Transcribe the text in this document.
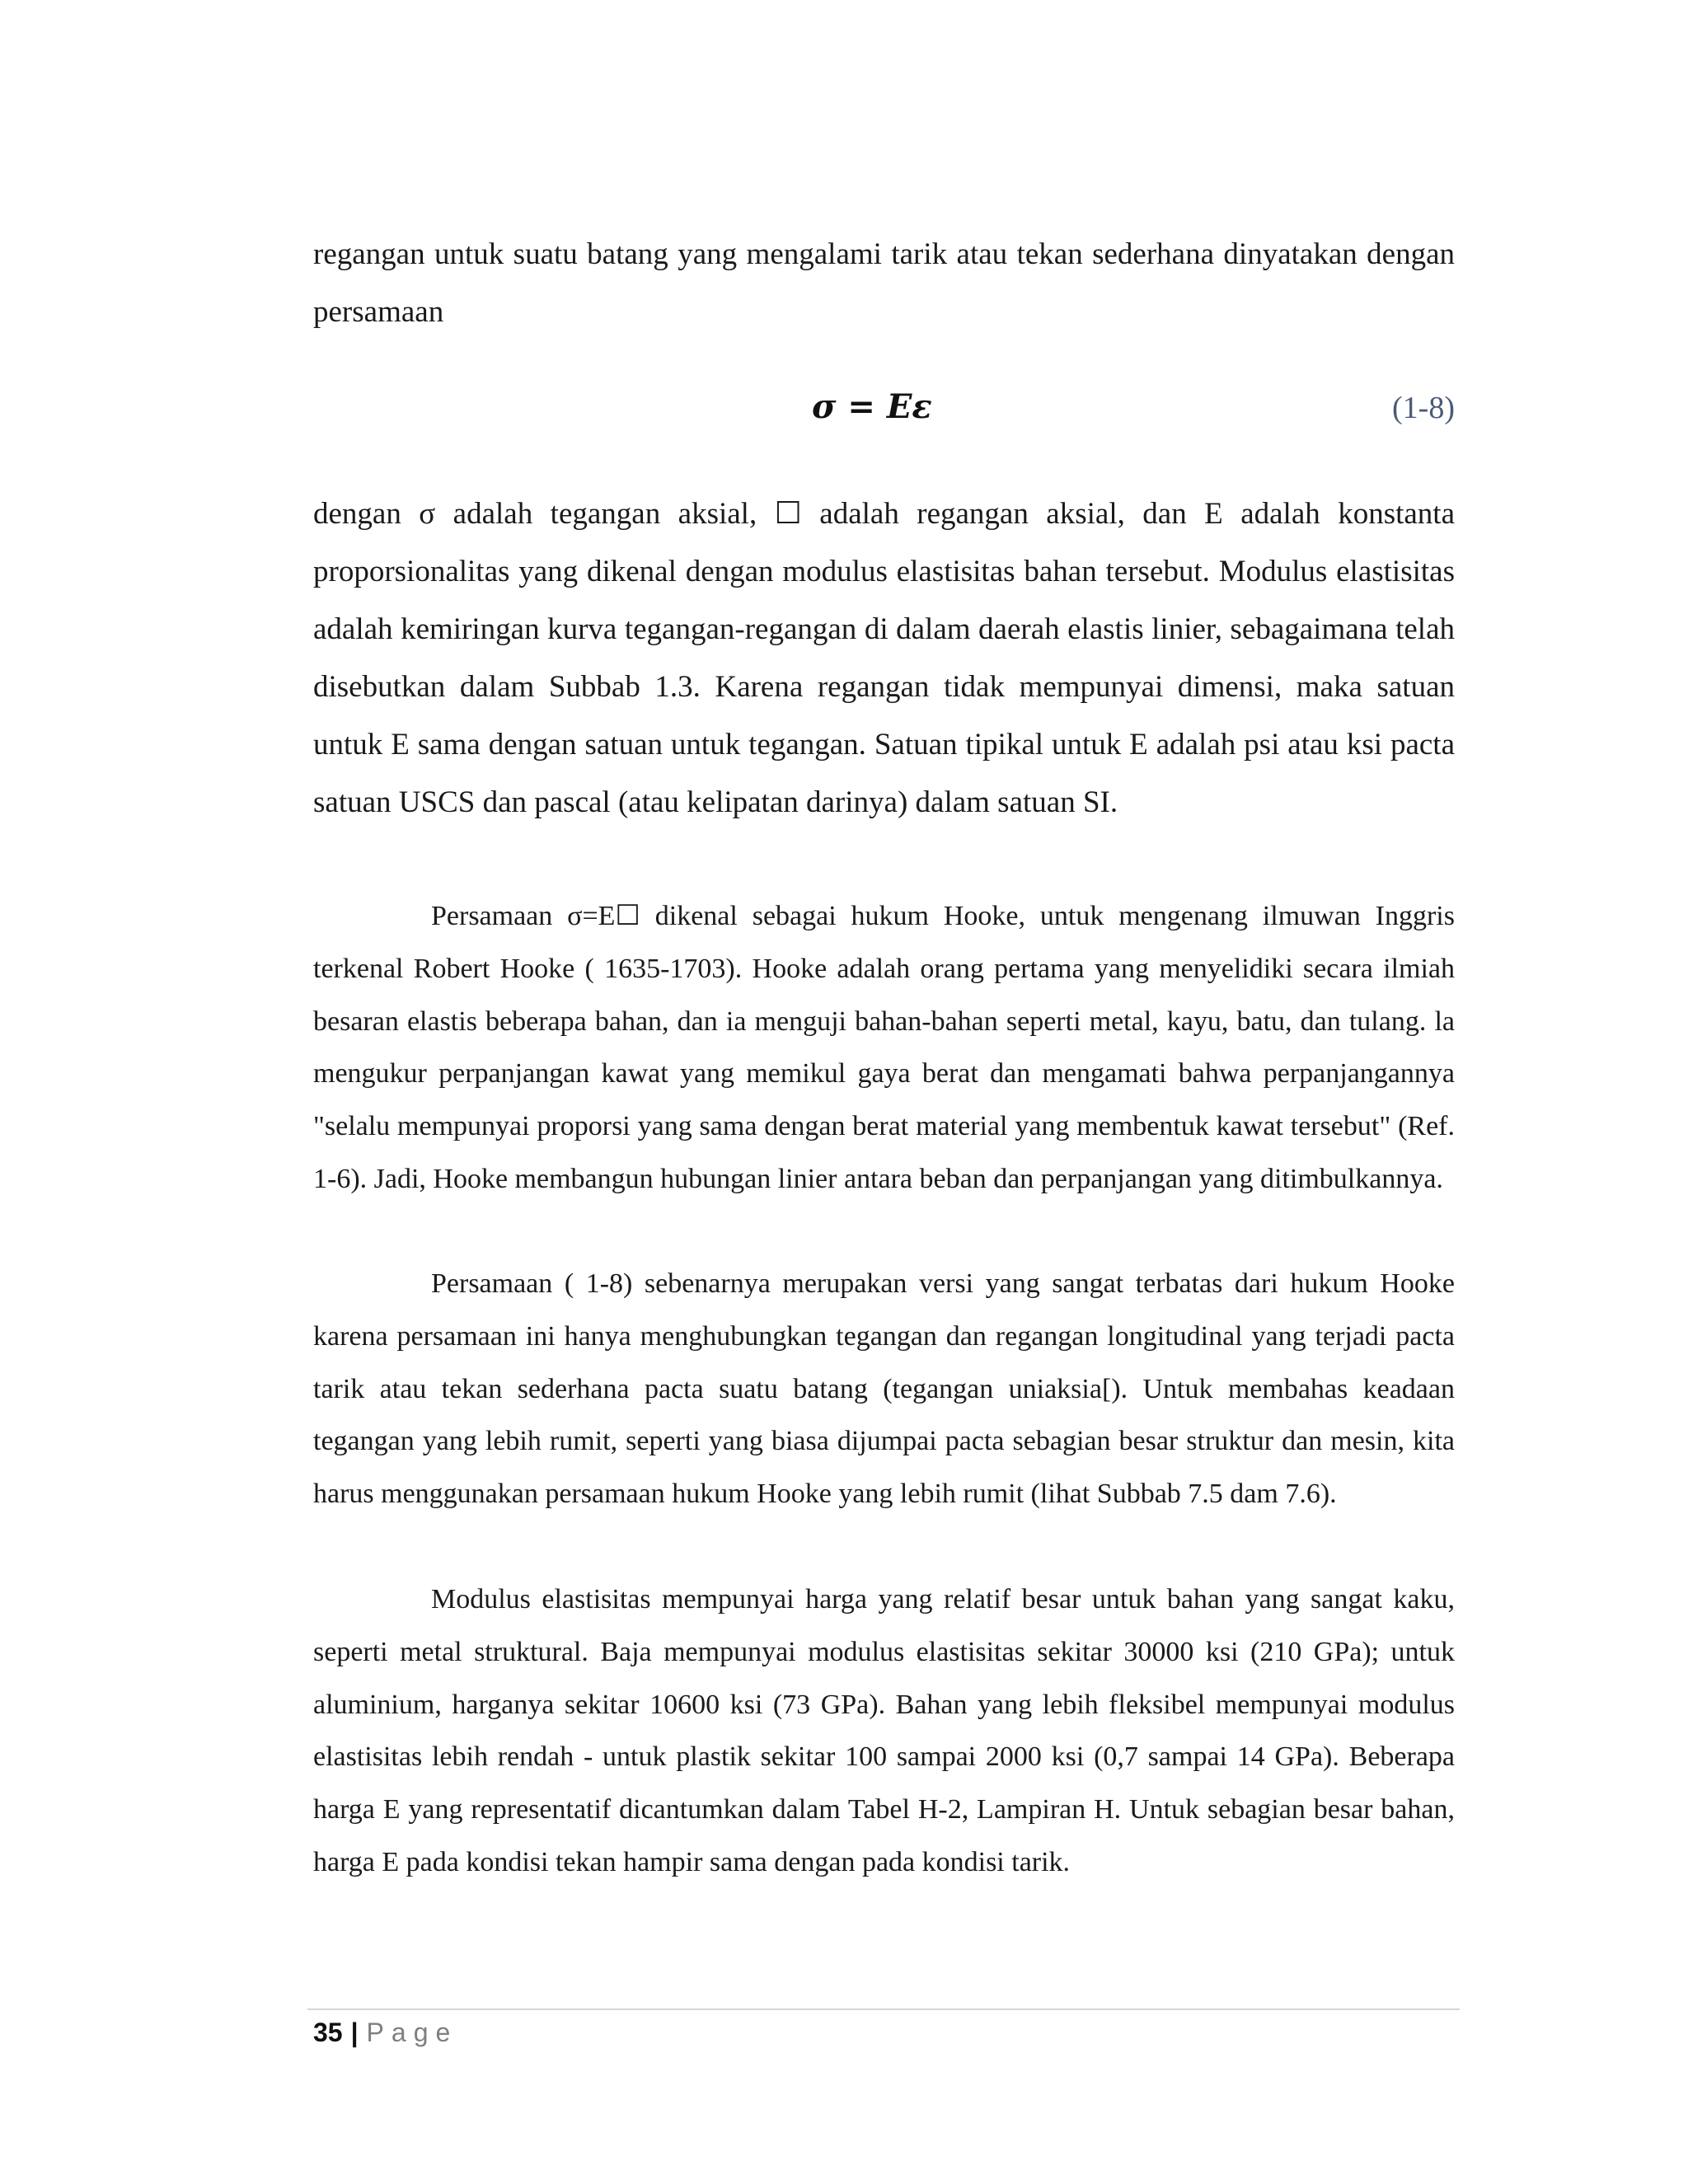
regangan untuk suatu batang yang mengalami tarik atau tekan sederhana dinyatakan dengan persamaan

σ = Eε	(1-8)

dengan σ adalah tegangan aksial, ☐ adalah regangan aksial, dan E adalah konstanta proporsionalitas yang dikenal dengan modulus elastisitas bahan tersebut. Modulus elastisitas adalah kemiringan kurva tegangan-regangan di dalam daerah elastis linier, sebagaimana telah disebutkan dalam Subbab 1.3. Karena regangan tidak mempunyai dimensi, maka satuan untuk E sama dengan satuan untuk tegangan. Satuan tipikal untuk E adalah psi atau ksi pacta satuan USCS dan pascal (atau kelipatan darinya) dalam satuan SI.

Persamaan σ=E☐ dikenal sebagai hukum Hooke, untuk mengenang ilmuwan Inggris terkenal Robert Hooke ( 1635-1703). Hooke adalah orang pertama yang menyelidiki secara ilmiah besaran elastis beberapa bahan, dan ia menguji bahan-bahan seperti metal, kayu, batu, dan tulang. la mengukur perpanjangan kawat yang memikul gaya berat dan mengamati bahwa perpanjangannya "selalu mempunyai proporsi yang sama dengan berat material yang membentuk kawat tersebut" (Ref. 1-6). Jadi, Hooke membangun hubungan linier antara beban dan perpanjangan yang ditimbulkannya.

Persamaan ( 1-8) sebenarnya merupakan versi yang sangat terbatas dari hukum Hooke karena persamaan ini hanya menghubungkan tegangan dan regangan longitudinal yang terjadi pacta tarik atau tekan sederhana pacta suatu batang (tegangan uniaksia[). Untuk membahas keadaan tegangan yang lebih rumit, seperti yang biasa dijumpai pacta sebagian besar struktur dan mesin, kita harus menggunakan persamaan hukum Hooke yang lebih rumit (lihat Subbab 7.5 dam 7.6).

Modulus elastisitas mempunyai harga yang relatif besar untuk bahan yang sangat kaku, seperti metal struktural. Baja mempunyai modulus elastisitas sekitar 30000 ksi (210 GPa); untuk aluminium, harganya sekitar 10600 ksi (73 GPa). Bahan yang lebih fleksibel mempunyai modulus elastisitas lebih rendah - untuk plastik sekitar 100 sampai 2000 ksi (0,7 sampai 14 GPa). Beberapa harga E yang representatif dicantumkan dalam Tabel H-2, Lampiran H. Untuk sebagian besar bahan, harga E pada kondisi tekan hampir sama dengan pada kondisi tarik.

35 | Page
